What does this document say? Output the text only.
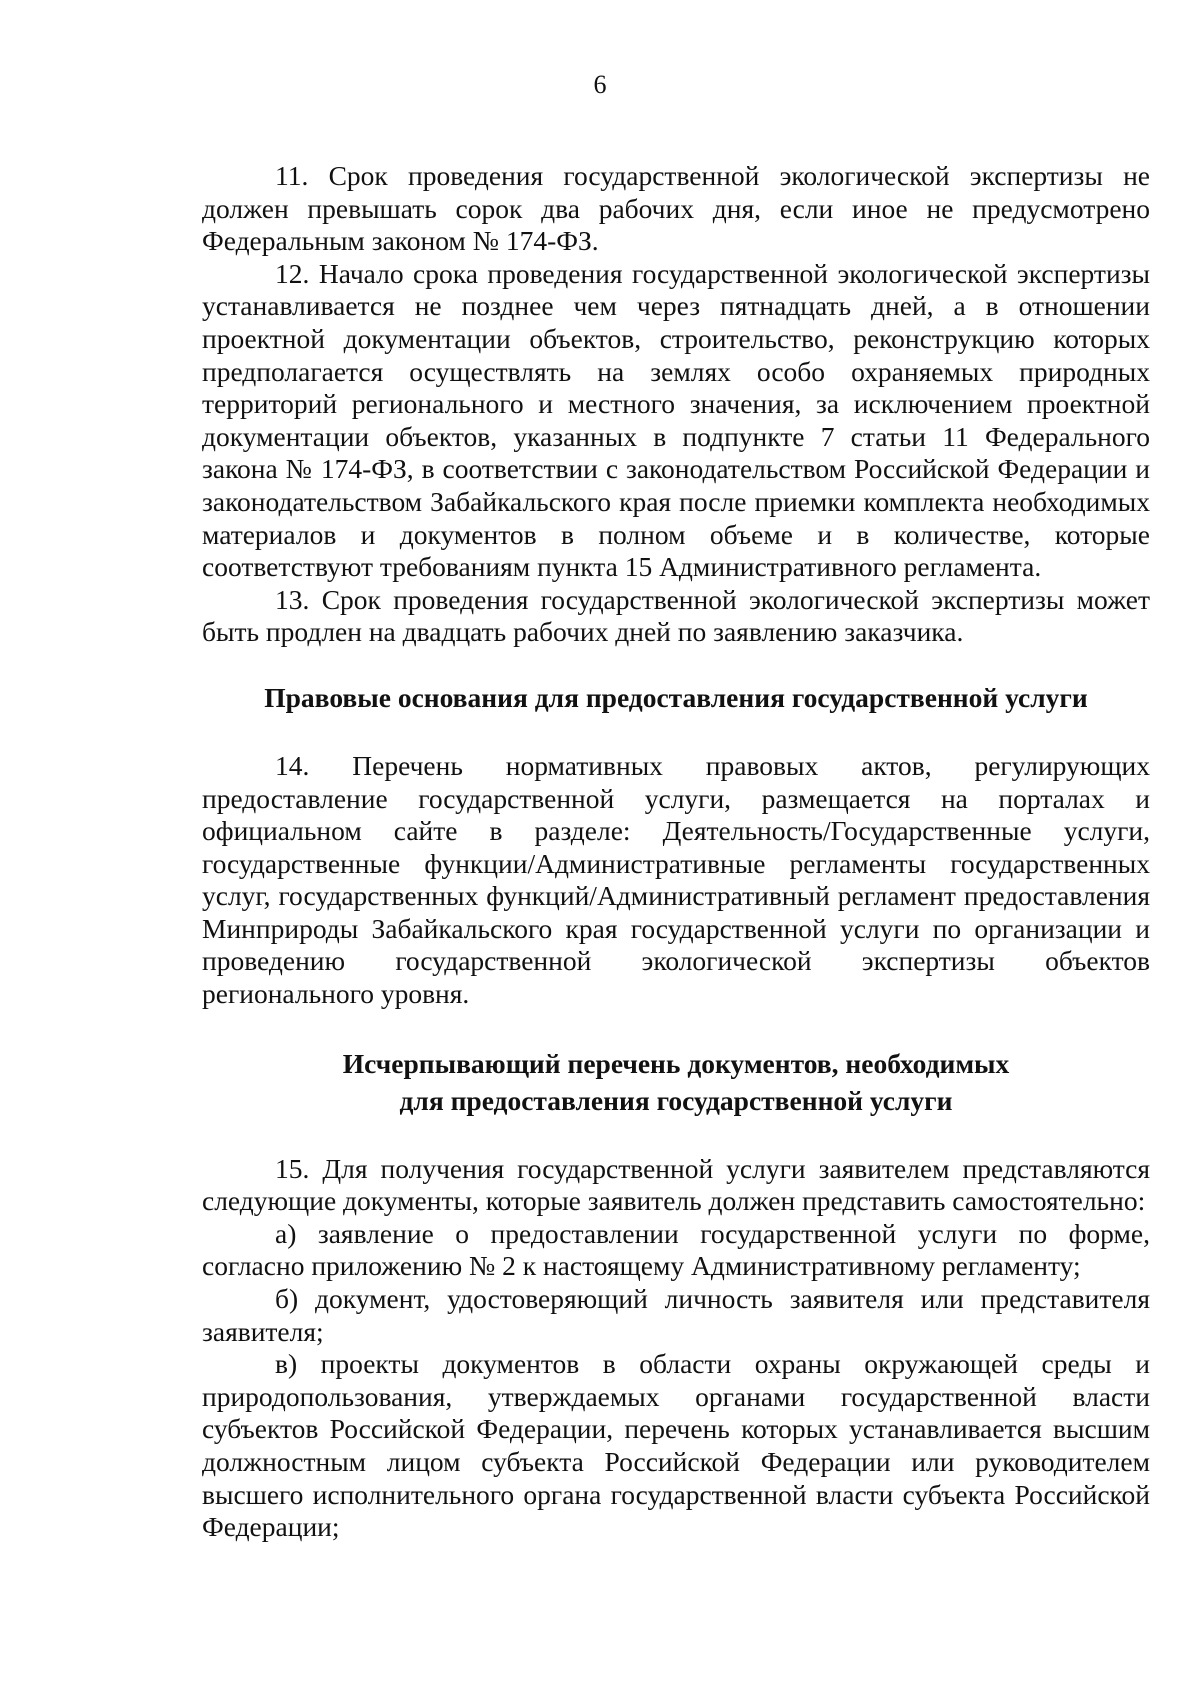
6

11. Срок проведения государственной экологической экспертизы не должен превышать сорок два рабочих дня, если иное не предусмотрено Федеральным законом № 174-ФЗ.

12. Начало срока проведения государственной экологической экспертизы устанавливается не позднее чем через пятнадцать дней, а в отношении проектной документации объектов, строительство, реконструкцию которых предполагается осуществлять на землях особо охраняемых природных территорий регионального и местного значения, за исключением проектной документации объектов, указанных в подпункте 7 статьи 11 Федерального закона № 174-ФЗ, в соответствии с законодательством Российской Федерации и законодательством Забайкальского края после приемки комплекта необходимых материалов и документов в полном объеме и в количестве, которые соответствуют требованиям пункта 15 Административного регламента.

13. Срок проведения государственной экологической экспертизы может быть продлен на двадцать рабочих дней по заявлению заказчика.

Правовые основания для предоставления государственной услуги

14. Перечень нормативных правовых актов, регулирующих предоставление государственной услуги, размещается на порталах и официальном сайте в разделе: Деятельность/Государственные услуги, государственные функции/Административные регламенты государственных услуг, государственных функций/Административный регламент предоставления Минприроды Забайкальского края государственной услуги по организации и проведению государственной экологической экспертизы объектов регионального уровня.

Исчерпывающий перечень документов, необходимых
для предоставления государственной услуги

15. Для получения государственной услуги заявителем представляются следующие документы, которые заявитель должен представить самостоятельно:

а) заявление о предоставлении государственной услуги по форме, согласно приложению № 2 к настоящему Административному регламенту;

б) документ, удостоверяющий личность заявителя или представителя заявителя;

в) проекты документов в области охраны окружающей среды и природопользования, утверждаемых органами государственной власти субъектов Российской Федерации, перечень которых устанавливается высшим должностным лицом субъекта Российской Федерации или руководителем высшего исполнительного органа государственной власти субъекта Российской Федерации;
